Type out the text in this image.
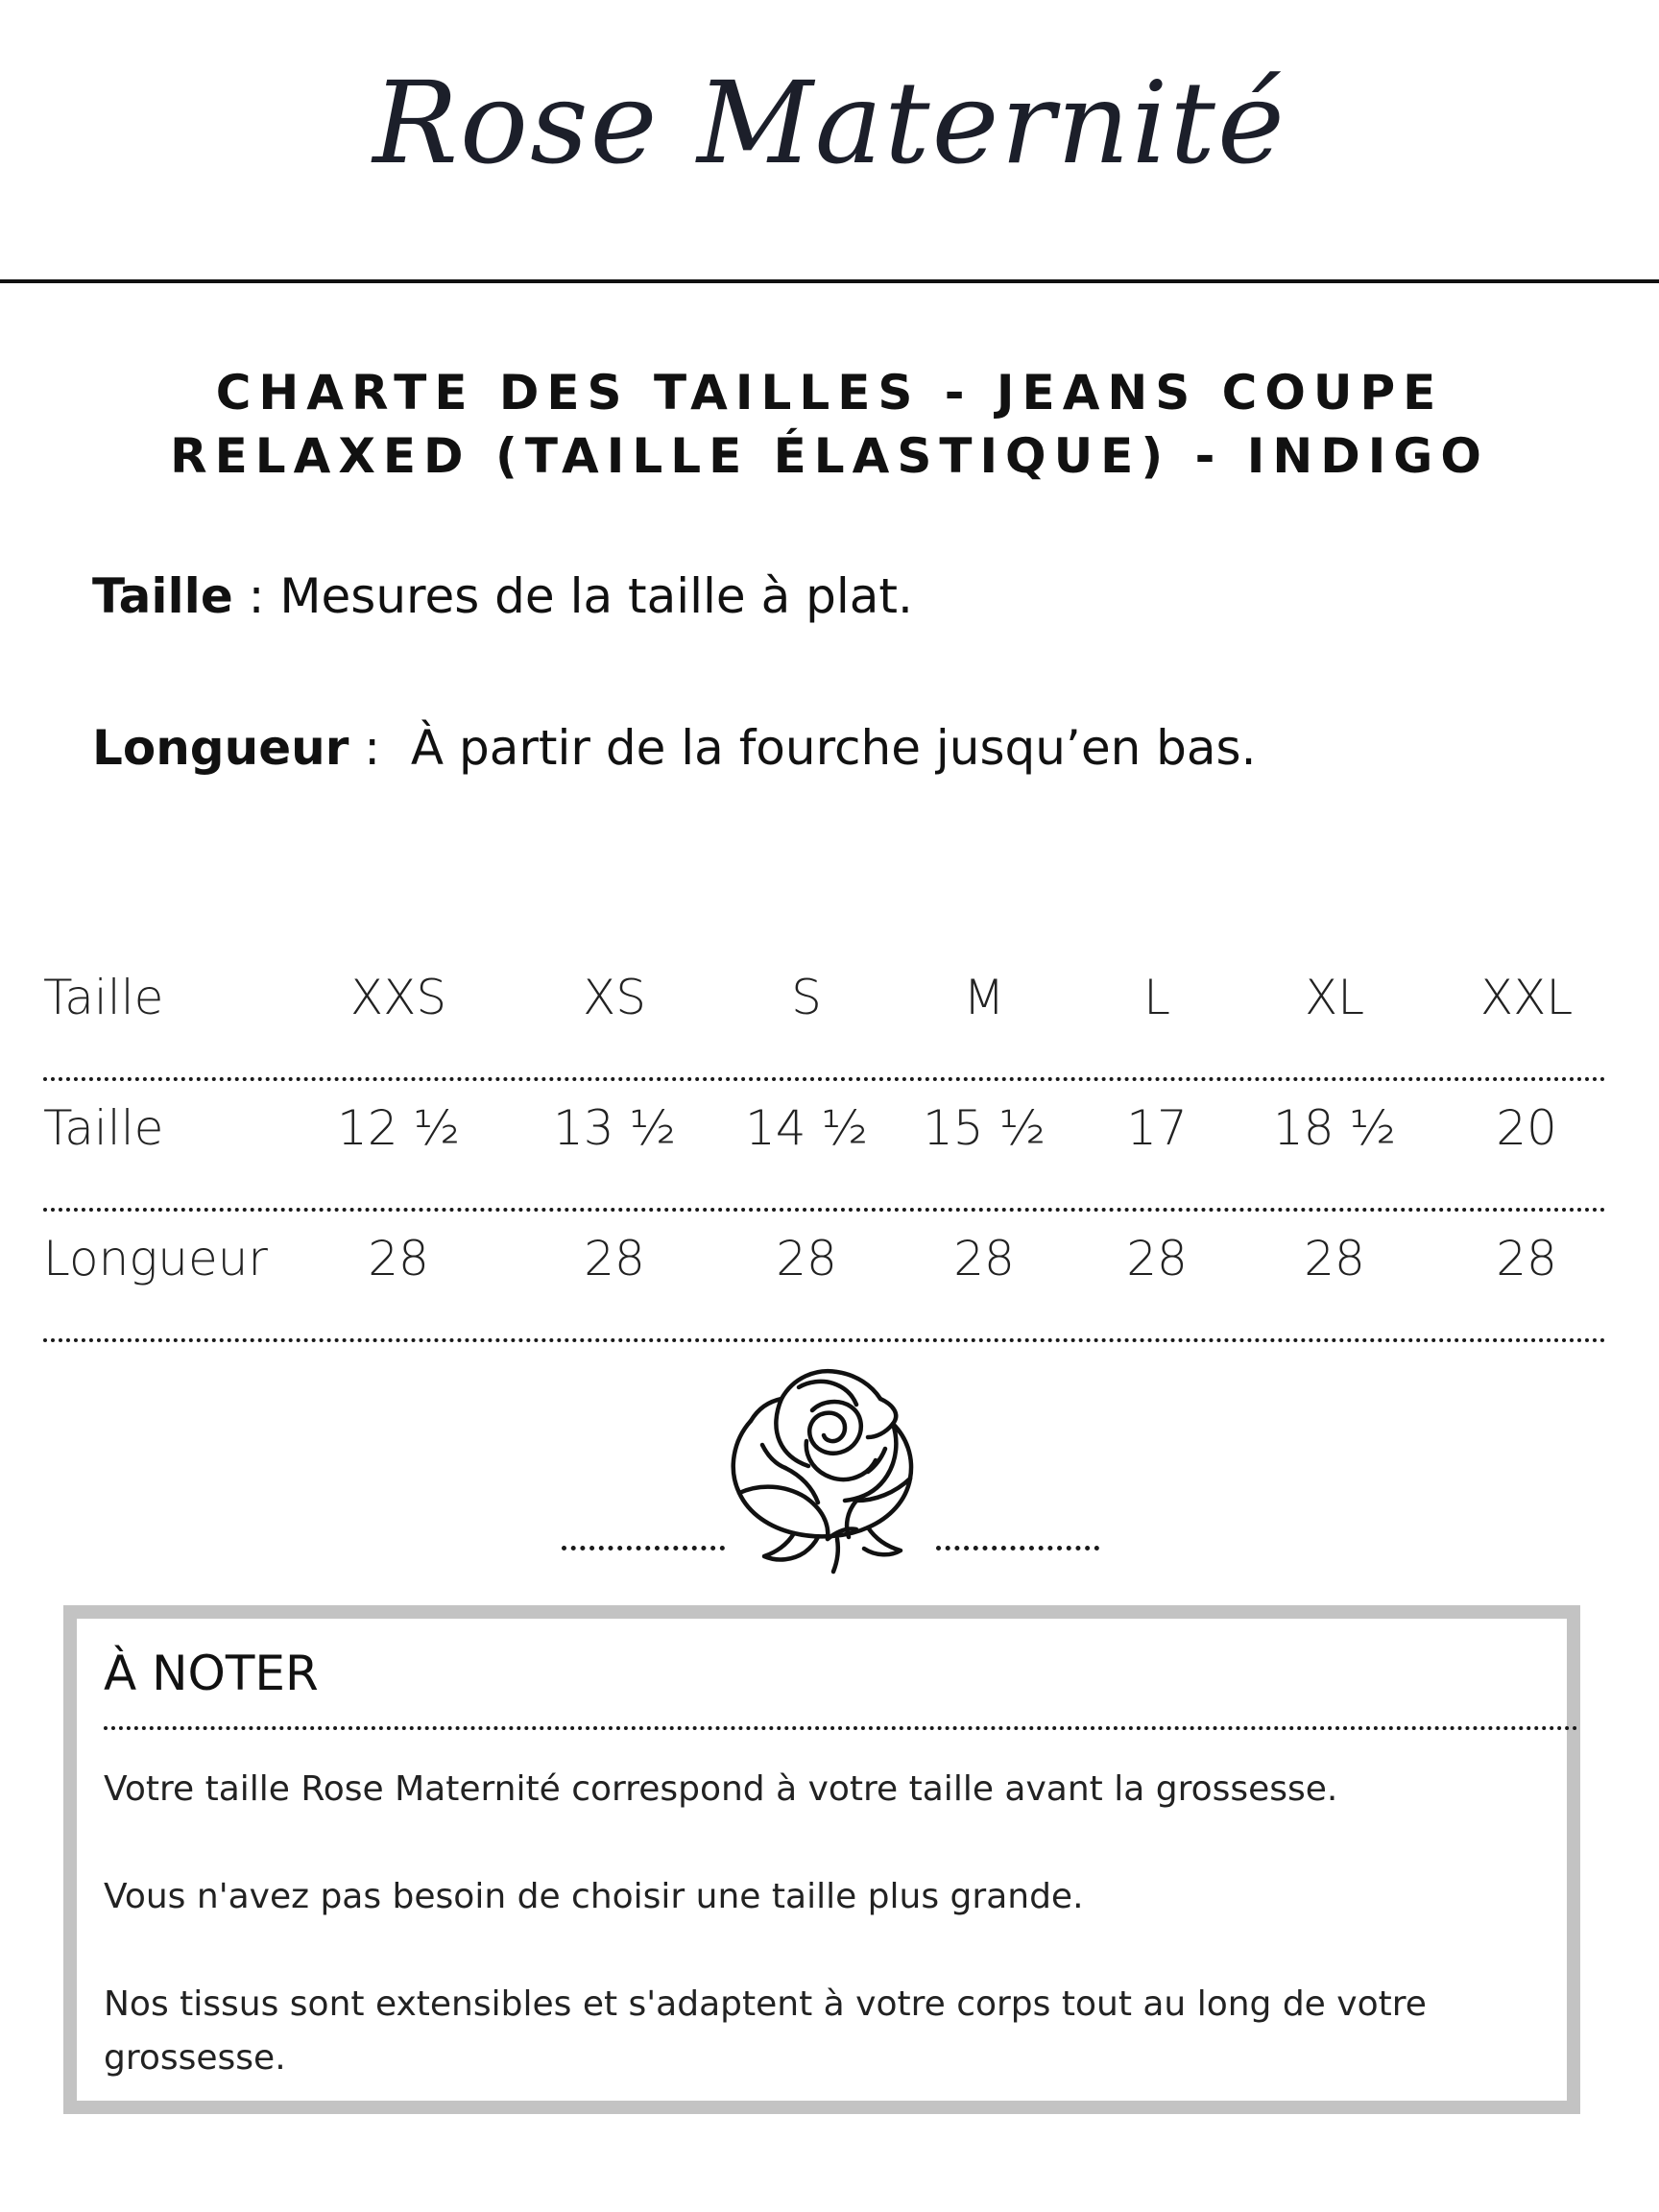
Rose Maternité
CHARTE DES TAILLES - JEANS COUPE
RELAXED (TAILLE ÉLASTIQUE) - INDIGO
Taille : Mesures de la taille à plat.
Longueur :  À partir de la fourche jusqu’en bas.
Taille	XXS	XS	S	M	L	XL	XXL
Taille	12 ½	13 ½	14 ½	15 ½	17	18 ½	20
Longueur	28	28	28	28	28	28	28
À NOTER
Votre taille Rose Maternité correspond à votre taille avant la grossesse.
Vous n'avez pas besoin de choisir une taille plus grande.
Nos tissus sont extensibles et s'adaptent à votre corps tout au long de votre grossesse.
